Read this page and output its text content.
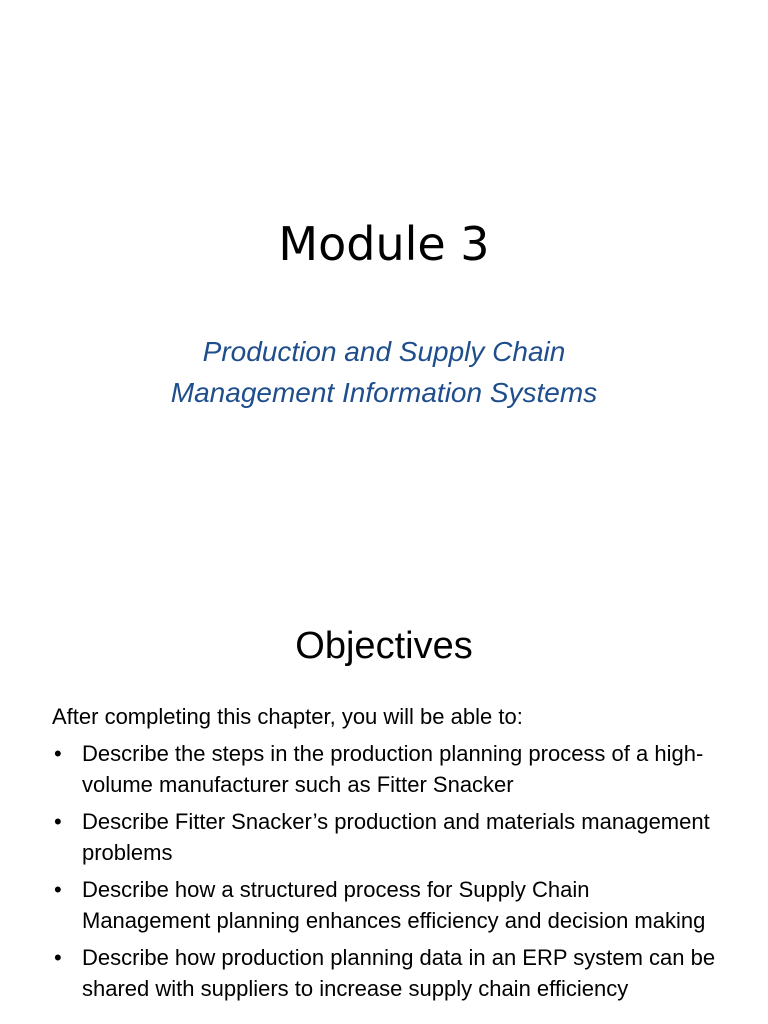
Module 3
Production and Supply Chain
Management Information Systems
Objectives

After completing this chapter, you will be able to:

• Describe the steps in the production planning process of a high-volume manufacturer such as Fitter Snacker
• Describe Fitter Snacker’s production and materials management problems
• Describe how a structured process for Supply Chain Management planning enhances efficiency and decision making
• Describe how production planning data in an ERP system can be shared with suppliers to increase supply chain efficiency
